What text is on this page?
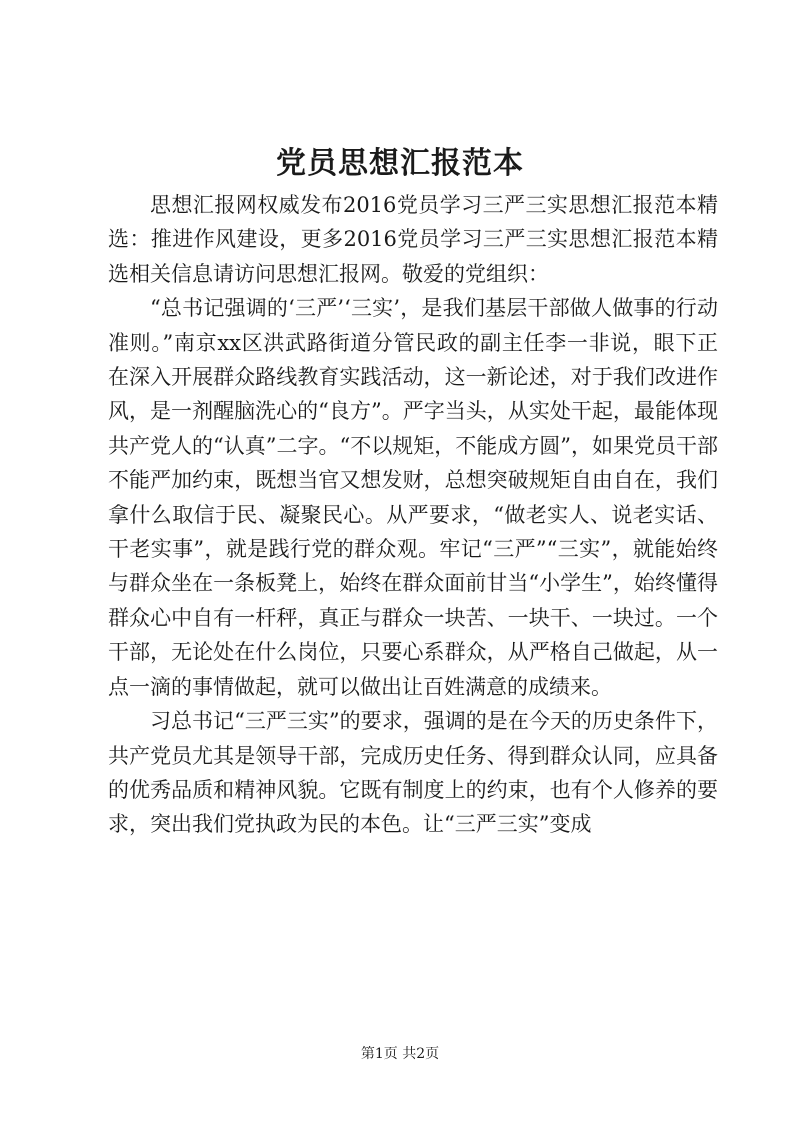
党员思想汇报范本

思想汇报网权威发布2016党员学习三严三实思想汇报范本精选：推进作风建设，更多2016党员学习三严三实思想汇报范本精选相关信息请访问思想汇报网。敬爱的党组织：

“总书记强调的‘三严’‘三实’，是我们基层干部做人做事的行动准则。”南京xx区洪武路街道分管民政的副主任李一非说，眼下正在深入开展群众路线教育实践活动，这一新论述，对于我们改进作风，是一剂醒脑洗心的“良方”。严字当头，从实处干起，最能体现共产党人的“认真”二字。“不以规矩，不能成方圆”，如果党员干部不能严加约束，既想当官又想发财，总想突破规矩自由自在，我们拿什么取信于民、凝聚民心。从严要求，“做老实人、说老实话、干老实事”，就是践行党的群众观。牢记“三严”“三实”，就能始终与群众坐在一条板凳上，始终在群众面前甘当“小学生”，始终懂得群众心中自有一杆秤，真正与群众一块苦、一块干、一块过。一个干部，无论处在什么岗位，只要心系群众，从严格自己做起，从一点一滴的事情做起，就可以做出让百姓满意的成绩来。

习总书记“三严三实”的要求，强调的是在今天的历史条件下，共产党员尤其是领导干部，完成历史任务、得到群众认同，应具备的优秀品质和精神风貌。它既有制度上的约束，也有个人修养的要求，突出我们党执政为民的本色。让“三严三实”变成

第1页 共2页
